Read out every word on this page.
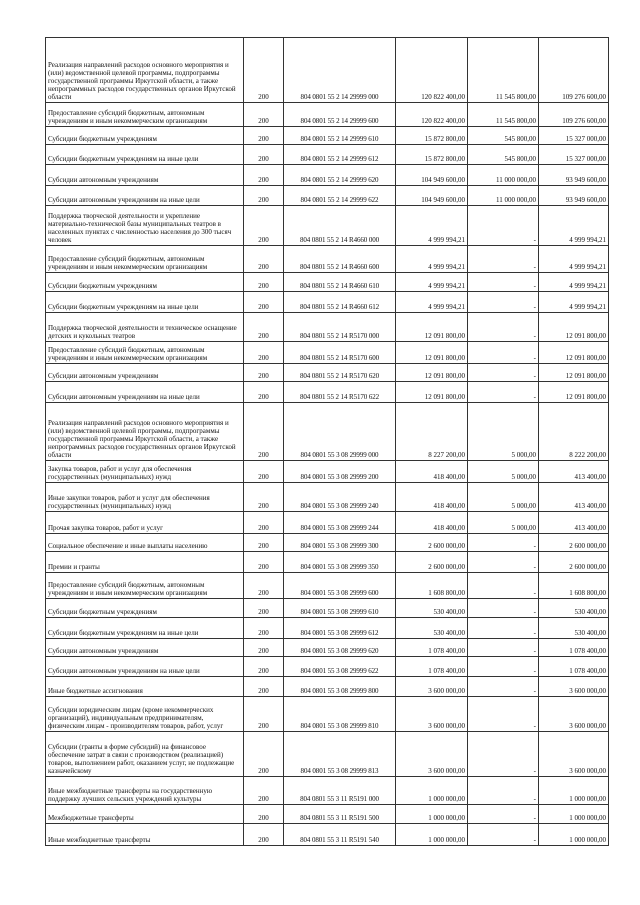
Реализация направлений расходов основного мероприятия и (или) ведомственной целевой программы, подпрограммы государственной программы Иркутской области, а также непрограммных расходов государственных органов Иркутской области	200	804 0801 55 2 14 29999 000	120 822 400,00	11 545 800,00	109 276 600,00
Предоставление субсидий бюджетным, автономным учреждениям и иным некоммерческим организациям	200	804 0801 55 2 14 29999 600	120 822 400,00	11 545 800,00	109 276 600,00
Субсидии бюджетным учреждениям	200	804 0801 55 2 14 29999 610	15 872 800,00	545 800,00	15 327 000,00
Субсидии бюджетным учреждениям на иные цели	200	804 0801 55 2 14 29999 612	15 872 800,00	545 800,00	15 327 000,00
Субсидии автономным учреждениям	200	804 0801 55 2 14 29999 620	104 949 600,00	11 000 000,00	93 949 600,00
Субсидии автономным учреждениям на иные цели	200	804 0801 55 2 14 29999 622	104 949 600,00	11 000 000,00	93 949 600,00
Поддержка творческой деятельности и укрепление материально-технической базы муниципальных театров в населенных пунктах с численностью населения до 300 тысяч человек	200	804 0801 55 2 14 R4660 000	4 999 994,21	-	4 999 994,21
Предоставление субсидий бюджетным, автономным учреждениям и иным некоммерческим организациям	200	804 0801 55 2 14 R4660 600	4 999 994,21	-	4 999 994,21
Субсидии бюджетным учреждениям	200	804 0801 55 2 14 R4660 610	4 999 994,21	-	4 999 994,21
Субсидии бюджетным учреждениям на иные цели	200	804 0801 55 2 14 R4660 612	4 999 994,21	-	4 999 994,21
Поддержка творческой деятельности и техническое оснащение детских и кукольных театров	200	804 0801 55 2 14 R5170 000	12 091 800,00	-	12 091 800,00
Предоставление субсидий бюджетным, автономным учреждениям и иным некоммерческим организациям	200	804 0801 55 2 14 R5170 600	12 091 800,00	-	12 091 800,00
Субсидии автономным учреждениям	200	804 0801 55 2 14 R5170 620	12 091 800,00	-	12 091 800,00
Субсидии автономным учреждениям на иные цели	200	804 0801 55 2 14 R5170 622	12 091 800,00	-	12 091 800,00
Реализация направлений расходов основного мероприятия и (или) ведомственной целевой программы, подпрограммы государственной программы Иркутской области, а также непрограммных расходов государственных органов Иркутской области	200	804 0801 55 3 08 29999 000	8 227 200,00	5 000,00	8 222 200,00
Закупка товаров, работ и услуг для обеспечения государственных (муниципальных) нужд	200	804 0801 55 3 08 29999 200	418 400,00	5 000,00	413 400,00
Иные закупки товаров, работ и услуг для обеспечения государственных (муниципальных) нужд	200	804 0801 55 3 08 29999 240	418 400,00	5 000,00	413 400,00
Прочая закупка товаров, работ и услуг	200	804 0801 55 3 08 29999 244	418 400,00	5 000,00	413 400,00
Социальное обеспечение и иные выплаты населению	200	804 0801 55 3 08 29999 300	2 600 000,00	-	2 600 000,00
Премии и гранты	200	804 0801 55 3 08 29999 350	2 600 000,00	-	2 600 000,00
Предоставление субсидий бюджетным, автономным учреждениям и иным некоммерческим организациям	200	804 0801 55 3 08 29999 600	1 608 800,00	-	1 608 800,00
Субсидии бюджетным учреждениям	200	804 0801 55 3 08 29999 610	530 400,00	-	530 400,00
Субсидии бюджетным учреждениям на иные цели	200	804 0801 55 3 08 29999 612	530 400,00	-	530 400,00
Субсидии автономным учреждениям	200	804 0801 55 3 08 29999 620	1 078 400,00	-	1 078 400,00
Субсидии автономным учреждениям на иные цели	200	804 0801 55 3 08 29999 622	1 078 400,00	-	1 078 400,00
Иные бюджетные ассигнования	200	804 0801 55 3 08 29999 800	3 600 000,00	-	3 600 000,00
Субсидии юридическим лицам (кроме некоммерческих организаций), индивидуальным предпринимателям, физическим лицам - производителям товаров, работ, услуг	200	804 0801 55 3 08 29999 810	3 600 000,00	-	3 600 000,00
Субсидии (гранты в форме субсидий) на финансовое обеспечение затрат в связи с производством (реализацией) товаров, выполнением работ, оказанием услуг, не подлежащие казначейскому	200	804 0801 55 3 08 29999 813	3 600 000,00	-	3 600 000,00
Иные межбюджетные трансферты на государственную поддержку лучших сельских учреждений культуры	200	804 0801 55 3 11 R5191 000	1 000 000,00	-	1 000 000,00
Межбюджетные трансферты	200	804 0801 55 3 11 R5191 500	1 000 000,00	-	1 000 000,00
Иные межбюджетные трансферты	200	804 0801 55 3 11 R5191 540	1 000 000,00	-	1 000 000,00
